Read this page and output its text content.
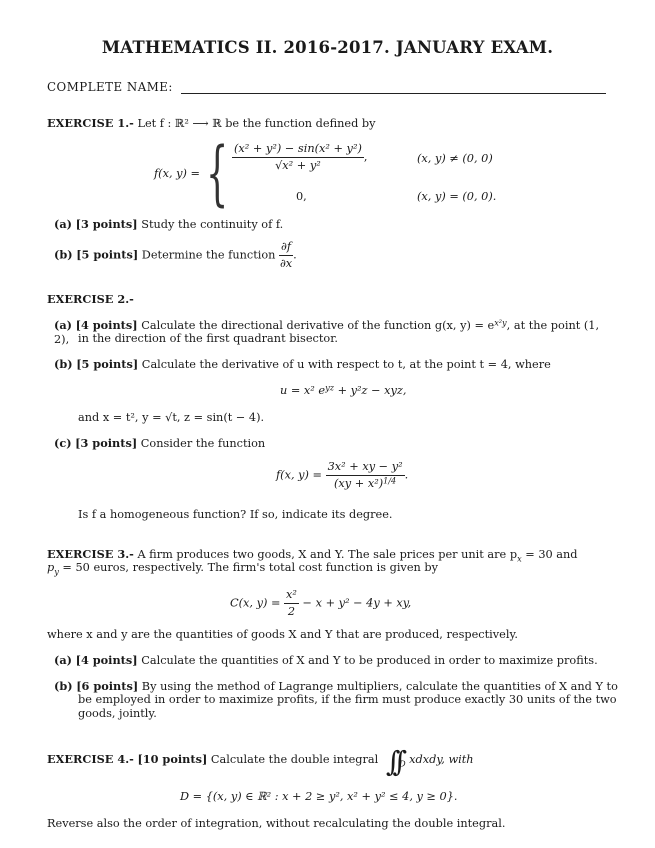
MATHEMATICS II. 2016-2017. JANUARY EXAM.
COMPLETE NAME:
EXERCISE 1.- Let f : ℝ² ⟶ ℝ be the function defined by
f(x, y) = { $\frac{\text{(x² + y²) − sin(x² + y²)}}{\text{√x² + y²}}$ ,	(x, y) ≠ (0, 0)
0,	(x, y) = (0, 0).
(a) [3 points] Study the continuity of f.
(b) [5 points] Determine the function $\frac{\partial f}{\partial x}$ .
EXERCISE 2.-
(a) [4 points] Calculate the directional derivative of the function g(x, $y) = e^{x^2y}$, at the point (1, 2), in the direction of the first quadrant bisector.
(b) [5 points] Calculate the derivative of u with respect to t, at the point t = 4, where
u = x² $e^{yz} + y^2z$ − xyz,
and x = t², y = √t, z = sin(t − 4).
(c) [3 points] Consider the function
f(x, $y) = \frac{\text{3x² + xy − y²}}{(xy + x^2)^{1/4}}$ .
Is f a homogeneous function? If so, indicate its degree.
EXERCISE 3.- A firm produces two goods, X and Y. The sale prices per unit are $p_x = 30$ and
$p_y = 50$ euros, respectively. The firm's total cost function is given by
C(x, $y) = \frac{\text{x²}}{2} - x + y^2 - 4y$ + xy,
where x and y are the quantities of goods X and Y that are produced, respectively.
(a) [4 points] Calculate the quantities of X and Y to be produced in order to maximize profits.
(b) [6 points] By using the method of Lagrange multipliers, calculate the quantities of X and Y to
be employed in order to maximize profits, if the firm must produce exactly 30 units of the two
goods, jointly.
EXERCISE 4.- [10 points] Calculate the double integral $\int\int_D$ xdxdy, with
D = {(x, y) ∈ ℝ² : x + 2 ≥ y², x² + y² ≤ 4, y ≥ 0}.
Reverse also the order of integration, without recalculating the double integral.
